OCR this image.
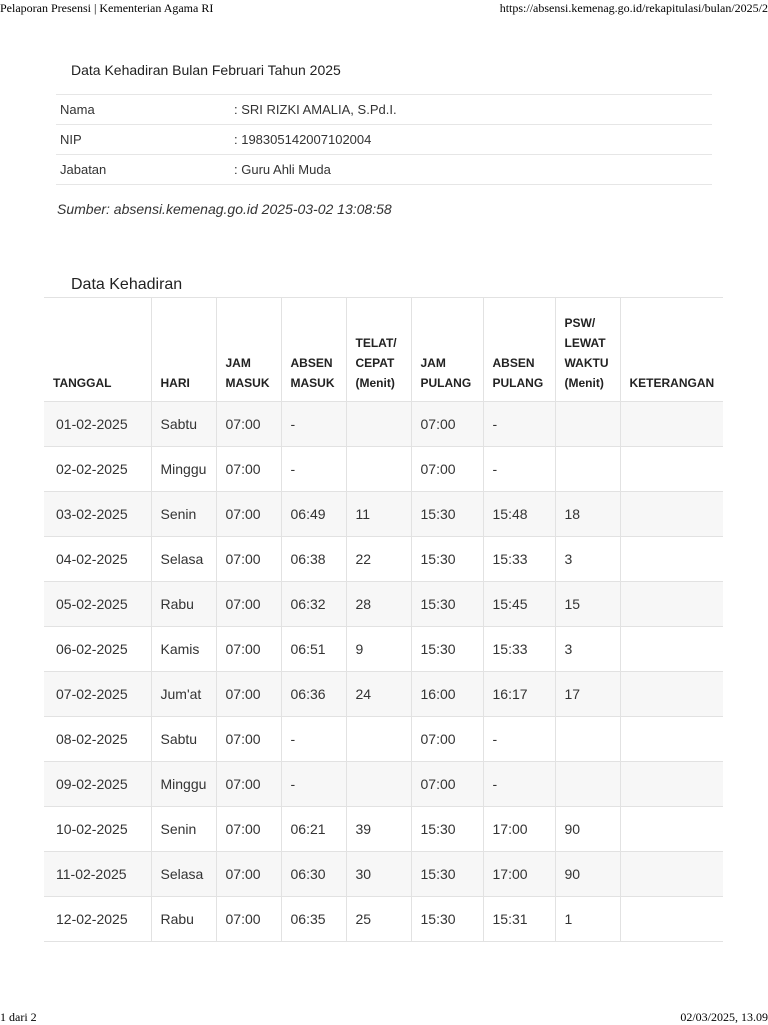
Pelaporan Presensi | Kementerian Agama RI	https://absensi.kemenag.go.id/rekapitulasi/bulan/2025/2
Data Kehadiran Bulan Februari Tahun 2025
Nama	: SRI RIZKI AMALIA, S.Pd.I.
NIP	: 198305142007102004
Jabatan	: Guru Ahli Muda
Sumber: absensi.kemenag.go.id 2025-03-02 13:08:58
Data Kehadiran
TANGGAL	HARI	JAM MASUK	ABSEN MASUK	TELAT/ CEPAT (Menit)	JAM PULANG	ABSEN PULANG	PSW/ LEWAT WAKTU (Menit)	KETERANGAN
01-02-2025	Sabtu	07:00	-		07:00	-		
02-02-2025	Minggu	07:00	-		07:00	-		
03-02-2025	Senin	07:00	06:49	11	15:30	15:48	18	
04-02-2025	Selasa	07:00	06:38	22	15:30	15:33	3	
05-02-2025	Rabu	07:00	06:32	28	15:30	15:45	15	
06-02-2025	Kamis	07:00	06:51	9	15:30	15:33	3	
07-02-2025	Jum'at	07:00	06:36	24	16:00	16:17	17	
08-02-2025	Sabtu	07:00	-		07:00	-		
09-02-2025	Minggu	07:00	-		07:00	-		
10-02-2025	Senin	07:00	06:21	39	15:30	17:00	90	
11-02-2025	Selasa	07:00	06:30	30	15:30	17:00	90	
12-02-2025	Rabu	07:00	06:35	25	15:30	15:31	1	
1 dari 2	02/03/2025, 13.09
